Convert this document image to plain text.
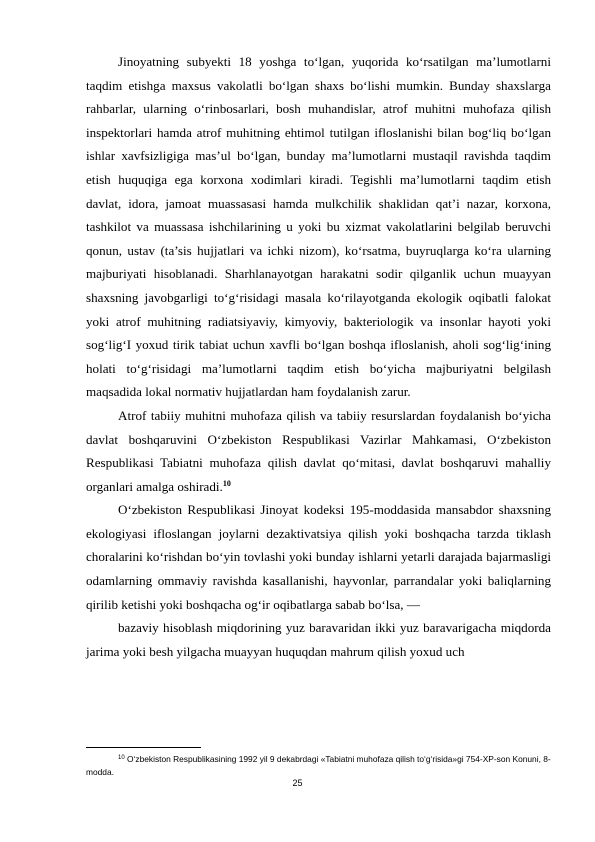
Jinoyatning subyekti 18 yoshga to‘lgan, yuqorida ko‘rsatilgan ma’lumotlarni taqdim etishga maxsus vakolatli bo‘lgan shaxs bo‘lishi mumkin. Bunday shaxslarga rahbarlar, ularning o‘rinbosarlari, bosh muhandislar, atrof muhitni muhofaza qilish inspektorlari hamda atrof muhitning ehtimol tutilgan ifloslanishi bilan bog‘liq bo‘lgan ishlar xavfsizligiga mas’ul bo‘lgan, bunday ma’lumotlarni mustaqil ravishda taqdim etish huquqiga ega korxona xodimlari kiradi. Tegishli ma’lumotlarni taqdim etish davlat, idora, jamoat muassasasi hamda mulkchilik shaklidan qat’i nazar, korxona, tashkilot va muassasa ishchilarining u yoki bu xizmat vakolatlarini belgilab beruvchi qonun, ustav (ta’sis hujjatlari va ichki nizom), ko‘rsatma, buyruqlarga ko‘ra ularning majburiyati hisoblanadi. Sharhlanayotgan harakatni sodir qilganlik uchun muayyan shaxsning javobgarligi to‘g‘risidagi masala ko‘rilayotganda ekologik oqibatli falokat yoki atrof muhitning radiatsiyaviy, kimyoviy, bakteriologik va insonlar hayoti yoki sog‘lig‘I yoxud tirik tabiat uchun xavfli bo‘lgan boshqa ifloslanish, aholi sog‘lig‘ining holati to‘g‘risidagi ma’lumotlarni taqdim etish bo‘yicha majburiyatni belgilash maqsadida lokal normativ hujjatlardan ham foydalanish zarur.

Atrof tabiiy muhitni muhofaza qilish va tabiiy resurslardan foydalanish bo‘yicha davlat boshqaruvini O‘zbekiston Respublikasi Vazirlar Mahkamasi, O‘zbekiston Respublikasi Tabiatni muhofaza qilish davlat qo‘mitasi, davlat boshqaruvi mahalliy organlari amalga oshiradi.$^{10}$

O‘zbekiston Respublikasi Jinoyat kodeksi 195-moddasida mansabdor shaxsning ekologiyasi ifloslangan joylarni dezaktivatsiya qilish yoki boshqacha tarzda tiklash choralarini ko‘rishdan bo‘yin tovlashi yoki bunday ishlarni yetarli darajada bajarmasligi odamlarning ommaviy ravishda kasallanishi, hayvonlar, parrandalar yoki baliqlarning qirilib ketishi yoki boshqacha og‘ir oqibatlarga sabab bo‘lsa, —

bazaviy hisoblash miqdorining yuz baravaridan ikki yuz baravarigacha miqdorda jarima yoki besh yilgacha muayyan huquqdan mahrum qilish yoxud uch

$^{10}$ O‘zbekiston Respublikasining 1992 yil 9 dekabrdagi «Tabiatni muhofaza qilish to‘g‘risida»gi 754-XP-son Konuni, 8-modda.

25
